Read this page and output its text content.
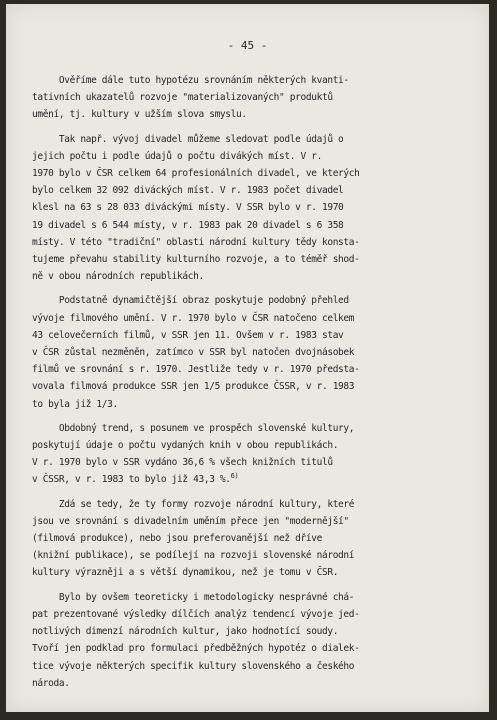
- 45 -

Ověříme dále tuto hypotézu srovnáním některých kvanti-
tativních ukazatelů rozvoje "materializovaných" produktů
umění, tj. kultury v užším slova smyslu.

Tak např. vývoj divadel můžeme sledovat podle údajů o
jejich počtu i podle údajů o počtu divákých míst. V r.
1970 bylo v ČSR celkem 64 profesionálních divadel, ve kterých
bylo celkem 32 092 diváckých míst. V r. 1983 počet divadel
klesl na 63 s 28 033 diváckými místy. V SSR bylo v r. 1970
19 divadel s 6 544 místy, v r. 1983 pak 20 divadel s 6 358
místy. V této "tradiční" oblasti národní kultury tědy konsta-
tujeme převahu stability kulturního rozvoje, a to téměř shod-
ně v obou národních republikách.

Podstatně dynamičtější obraz poskytuje podobný přehled
vývoje filmového umění. V r. 1970 bylo v ČSR natočeno celkem
43 celovečerních filmů, v SSR jen 11. Ovšem v r. 1983 stav
v ČSR zůstal nezměněn, zatímco v SSR byl natočen dvojnásobek
filmů ve srovnání s r. 1970. Jestliže tedy v r. 1970 předsta-
vovala filmová produkce SSR jen 1/5 produkce ČSSR, v r. 1983
to byla již 1/3.

Obdobný trend, s posunem ve prospěch slovenské kultury,
poskytují údaje o počtu vydaných knih v obou republikách.
V r. 1970 bylo v SSR vydáno 36,6 % všech knižních titulů
v ČSSR, v r. 1983 to bylo již 43,3 %.$^{6)}$

Zdá se tedy, že ty formy rozvoje národní kultury, které
jsou ve srovnání s divadelním uměním přece jen "modernější"
(filmová produkce), nebo jsou preferovanější než dříve
(knižní publikace), se podílejí na rozvoji slovenské národní
kultury výrazněji a s větší dynamikou, než je tomu v ČSR.

Bylo by ovšem teoreticky i metodologicky nesprávné chá-
pat prezentované výsledky dílčích analýz tendencí vývoje jed-
notlivých dimenzí národních kultur, jako hodnotící soudy.
Tvoří jen podklad pro formulaci předběžných hypotéz o dialek-
tice vývoje některých specifik kultury slovenského a českého
národa.
